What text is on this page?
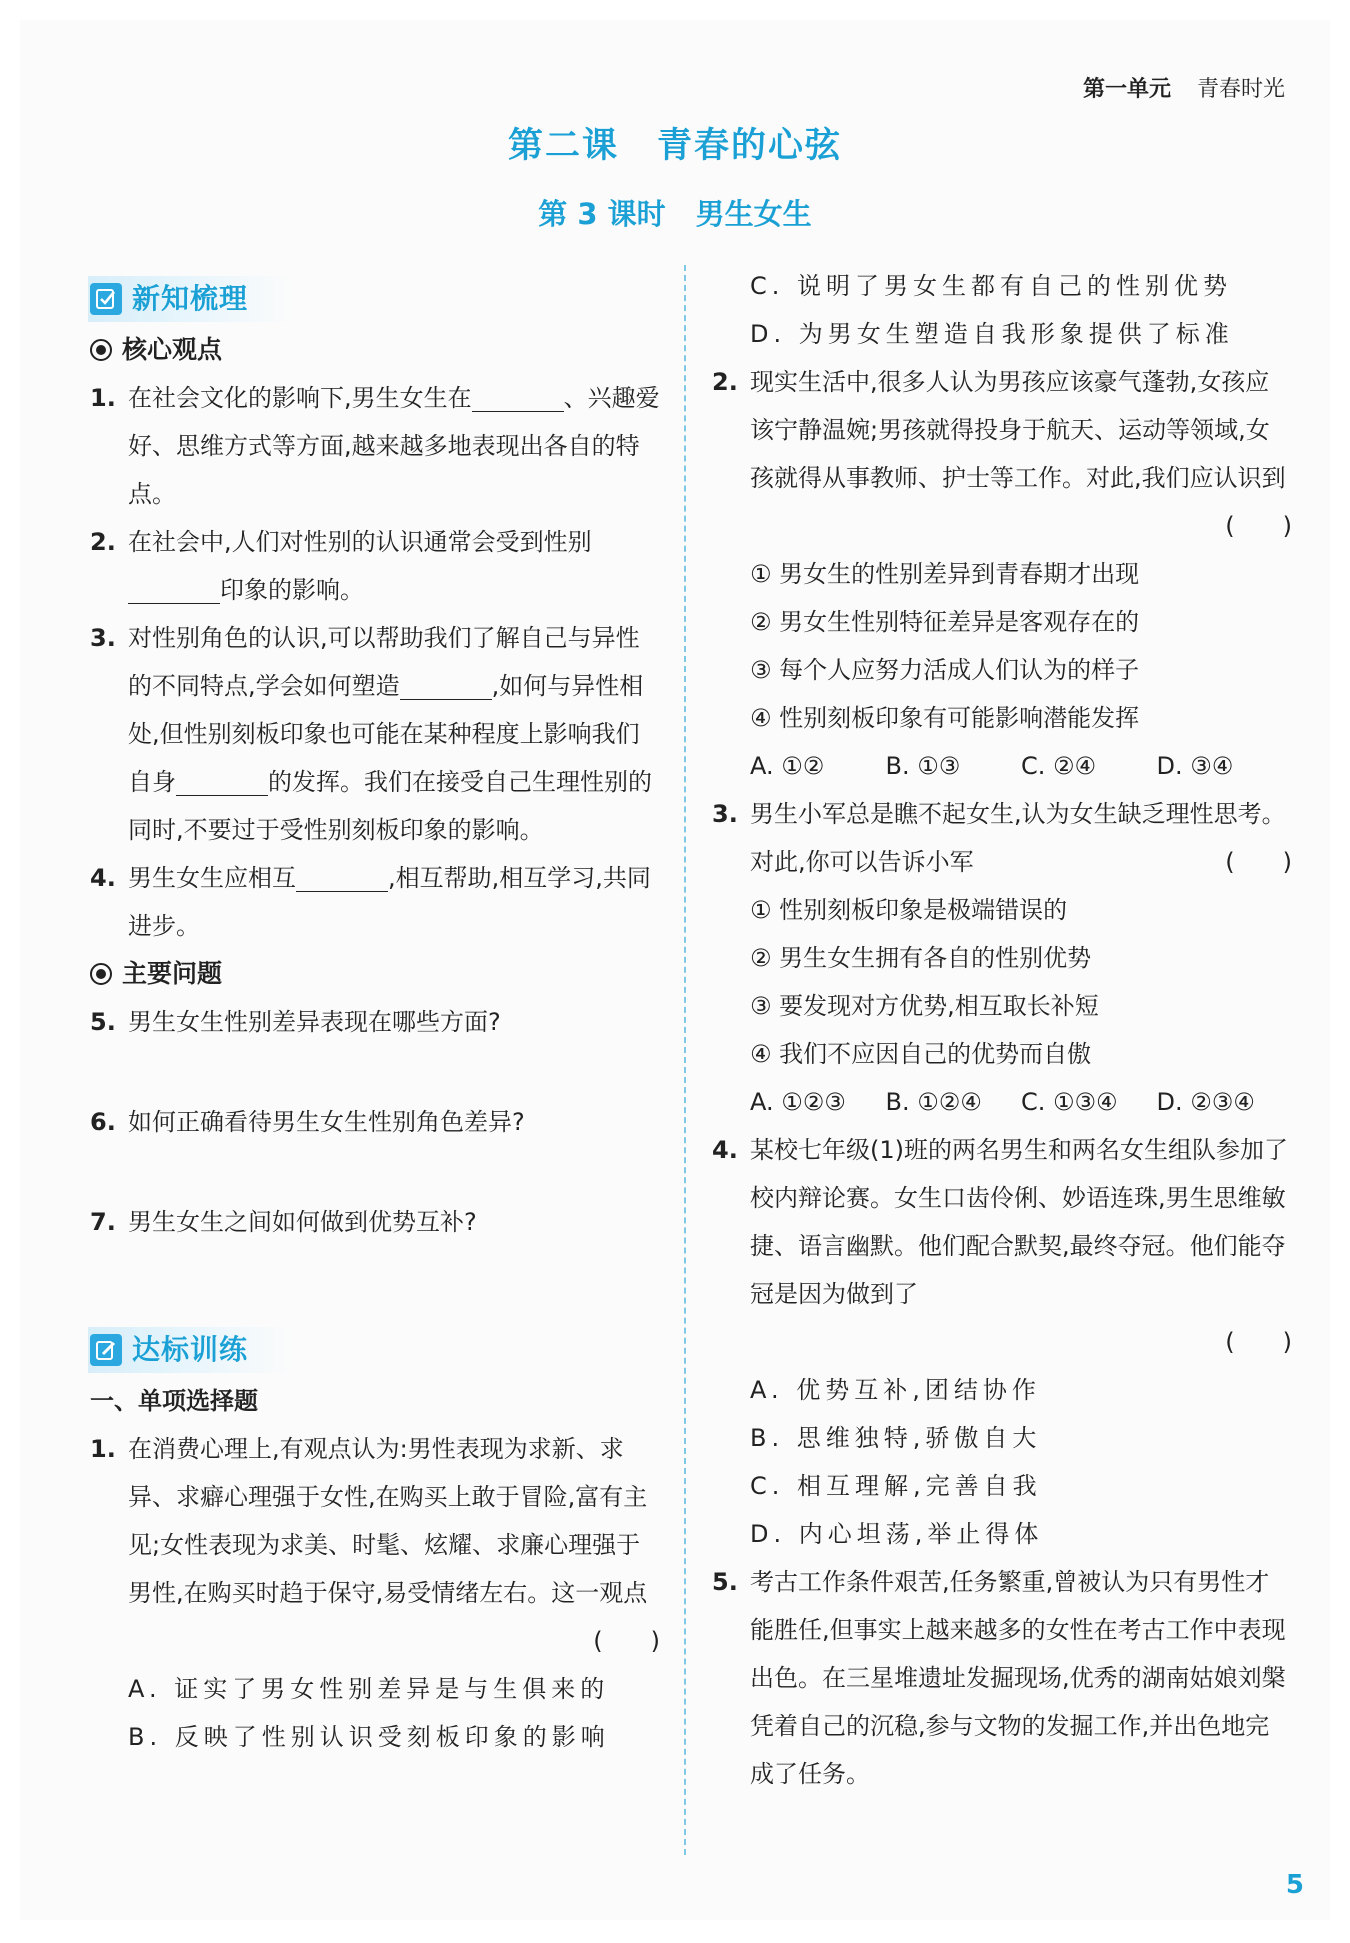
第一单元 青春时光
第二课 青春的心弦
第 3 课时 男生女生
新知梳理
核心观点
1. 在社会文化的影响下,男生女生在	、兴趣爱好、思维方式等方面,越来越多地表现出各自的特点。
2. 在社会中,人们对性别的认识通常会受到性别印象的影响。
3. 对性别角色的认识,可以帮助我们了解自己与异性的不同特点,学会如何塑造	,如何与异性相处,但性别刻板印象也可能在某种程度上影响我们自身	的发挥。我们在接受自己生理性别的同时,不要过于受性别刻板印象的影响。
4. 男生女生应相互	,相互帮助,相互学习,共同进步。
主要问题
5. 男生女生性别差异表现在哪些方面?
6. 如何正确看待男生女生性别角色差异?
7. 男生女生之间如何做到优势互补?
达标训练
一、单项选择题
1. 在消费心理上,有观点认为:男性表现为求新、求异、求癖心理强于女性,在购买上敢于冒险,富有主见;女性表现为求美、时髦、炫耀、求廉心理强于男性,在购买时趋于保守,易受情绪左右。这一观点
(　　)
A. 证实了男女性别差异是与生俱来的
B. 反映了性别认识受刻板印象的影响
C. 说明了男女生都有自己的性别优势
D. 为男女生塑造自我形象提供了标准
2. 现实生活中,很多人认为男孩应该豪气蓬勃,女孩应该宁静温婉;男孩就得投身于航天、运动等领域,女孩就得从事教师、护士等工作。对此,我们应认识到
(　　)
① 男女生的性别差异到青春期才出现
② 男女生性别特征差异是客观存在的
③ 每个人应努力活成人们认为的样子
④ 性别刻板印象有可能影响潜能发挥
A. ①②	B. ①③	C. ②④	D. ③④
3. 男生小军总是瞧不起女生,认为女生缺乏理性思考。对此,你可以告诉小军	(　　)
① 性别刻板印象是极端错误的
② 男生女生拥有各自的性别优势
③ 要发现对方优势,相互取长补短
④ 我们不应因自己的优势而自傲
A. ①②③	B. ①②④	C. ①③④	D. ②③④
4. 某校七年级(1)班的两名男生和两名女生组队参加了校内辩论赛。女生口齿伶俐、妙语连珠,男生思维敏捷、语言幽默。他们配合默契,最终夺冠。他们能夺冠是因为做到了
(　　)
A. 优势互补,团结协作
B. 思维独特,骄傲自大
C. 相互理解,完善自我
D. 内心坦荡,举止得体
5. 考古工作条件艰苦,任务繁重,曾被认为只有男性才能胜任,但事实上越来越多的女性在考古工作中表现出色。在三星堆遗址发掘现场,优秀的湖南姑娘刘槃凭着自己的沉稳,参与文物的发掘工作,并出色地完成了任务。
5
